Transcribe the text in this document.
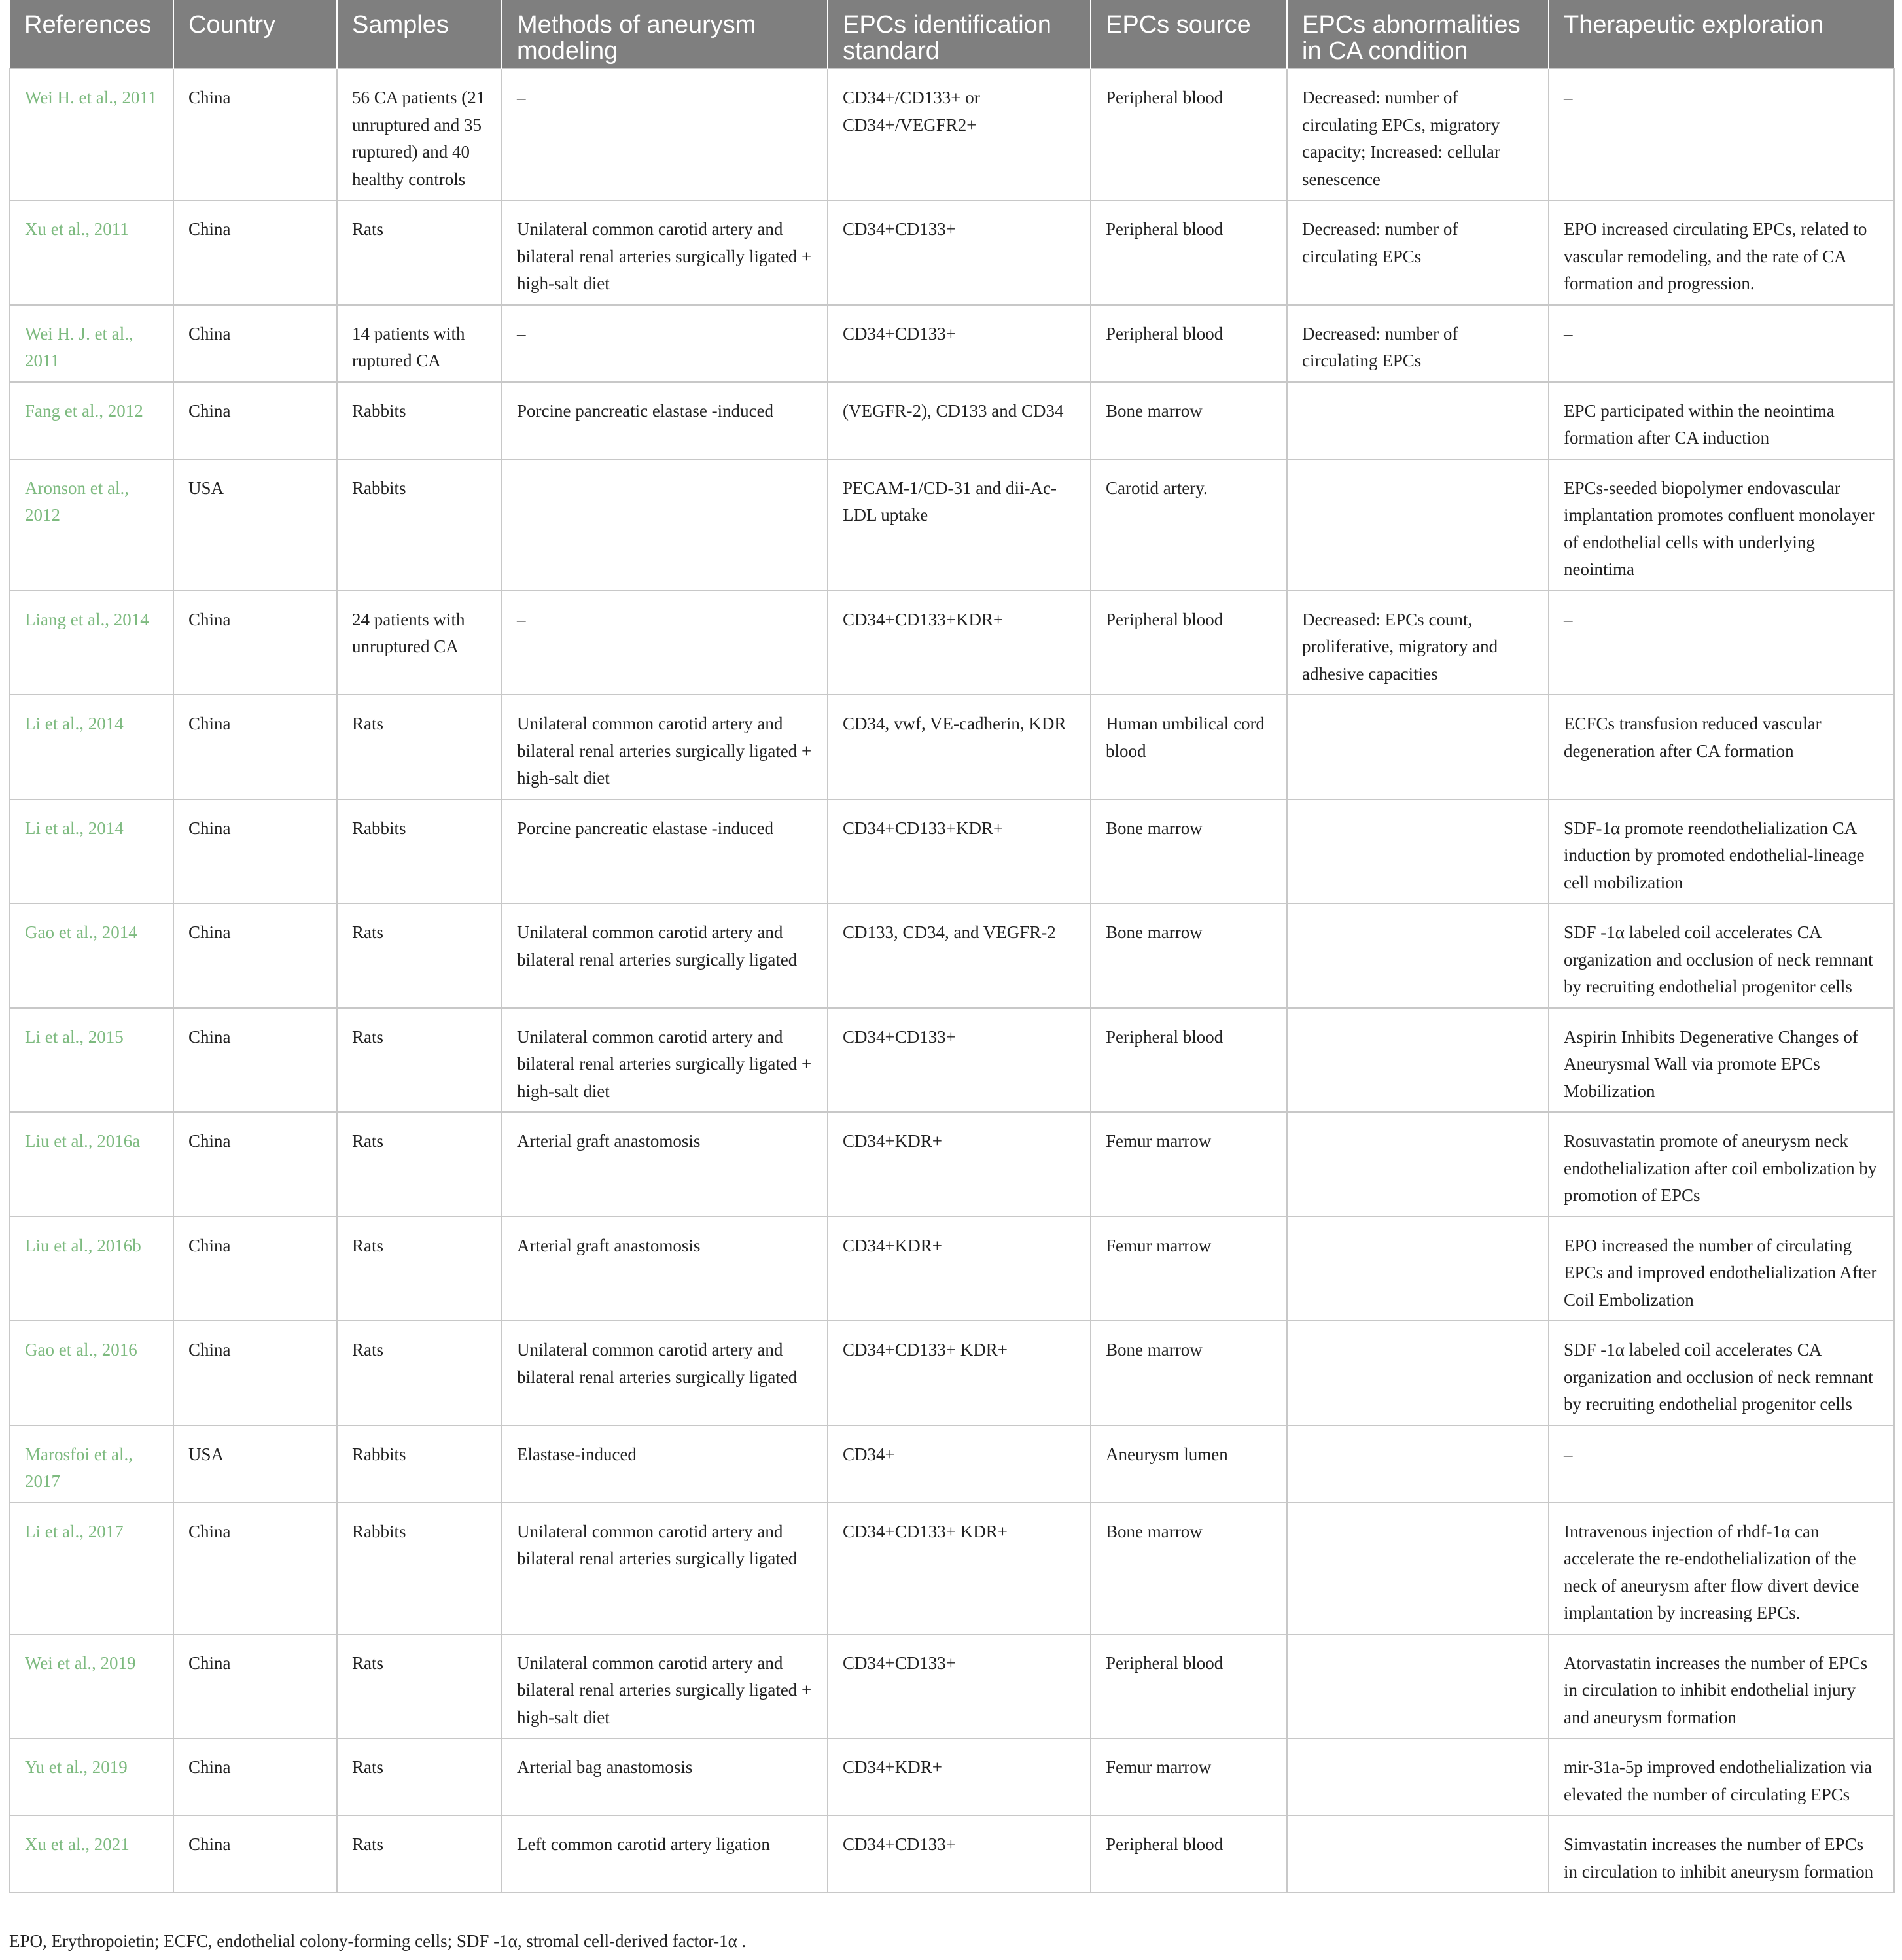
References	Country	Samples	Methods of aneurysm modeling	EPCs identification standard	EPCs source	EPCs abnormalities in CA condition	Therapeutic exploration
Wei H. et al., 2011	China	56 CA patients (21 unruptured and 35 ruptured) and 40 healthy controls	–	CD34+/CD133+ or CD34+/VEGFR2+	Peripheral blood	Decreased: number of circulating EPCs, migratory capacity; Increased: cellular senescence	–
Xu et al., 2011	China	Rats	Unilateral common carotid artery and bilateral renal arteries surgically ligated + high-salt diet	CD34+CD133+	Peripheral blood	Decreased: number of circulating EPCs	EPO increased circulating EPCs, related to vascular remodeling, and the rate of CA formation and progression.
Wei H. J. et al., 2011	China	14 patients with ruptured CA	–	CD34+CD133+	Peripheral blood	Decreased: number of circulating EPCs	–
Fang et al., 2012	China	Rabbits	Porcine pancreatic elastase -induced	(VEGFR-2), CD133 and CD34	Bone marrow		EPC participated within the neointima formation after CA induction
Aronson et al., 2012	USA	Rabbits		PECAM-1/CD-31 and dii-Ac-LDL uptake	Carotid artery.		EPCs-seeded biopolymer endovascular implantation promotes confluent monolayer of endothelial cells with underlying neointima
Liang et al., 2014	China	24 patients with unruptured CA	–	CD34+CD133+KDR+	Peripheral blood	Decreased: EPCs count, proliferative, migratory and adhesive capacities	–
Li et al., 2014	China	Rats	Unilateral common carotid artery and bilateral renal arteries surgically ligated + high-salt diet	CD34, vwf, VE-cadherin, KDR	Human umbilical cord blood		ECFCs transfusion reduced vascular degeneration after CA formation
Li et al., 2014	China	Rabbits	Porcine pancreatic elastase -induced	CD34+CD133+KDR+	Bone marrow		SDF-1α promote reendothelialization CA induction by promoted endothelial-lineage cell mobilization
Gao et al., 2014	China	Rats	Unilateral common carotid artery and bilateral renal arteries surgically ligated	CD133, CD34, and VEGFR-2	Bone marrow		SDF -1α labeled coil accelerates CA organization and occlusion of neck remnant by recruiting endothelial progenitor cells
Li et al., 2015	China	Rats	Unilateral common carotid artery and bilateral renal arteries surgically ligated + high-salt diet	CD34+CD133+	Peripheral blood		Aspirin Inhibits Degenerative Changes of Aneurysmal Wall via promote EPCs Mobilization
Liu et al., 2016a	China	Rats	Arterial graft anastomosis	CD34+KDR+	Femur marrow		Rosuvastatin promote of aneurysm neck endothelialization after coil embolization by promotion of EPCs
Liu et al., 2016b	China	Rats	Arterial graft anastomosis	CD34+KDR+	Femur marrow		EPO increased the number of circulating EPCs and improved endothelialization After Coil Embolization
Gao et al., 2016	China	Rats	Unilateral common carotid artery and bilateral renal arteries surgically ligated	CD34+CD133+ KDR+	Bone marrow		SDF -1α labeled coil accelerates CA organization and occlusion of neck remnant by recruiting endothelial progenitor cells
Marosfoi et al., 2017	USA	Rabbits	Elastase-induced	CD34+	Aneurysm lumen		–
Li et al., 2017	China	Rabbits	Unilateral common carotid artery and bilateral renal arteries surgically ligated	CD34+CD133+ KDR+	Bone marrow		Intravenous injection of rhdf-1α can accelerate the re-endothelialization of the neck of aneurysm after flow divert device implantation by increasing EPCs.
Wei et al., 2019	China	Rats	Unilateral common carotid artery and bilateral renal arteries surgically ligated + high-salt diet	CD34+CD133+	Peripheral blood		Atorvastatin increases the number of EPCs in circulation to inhibit endothelial injury and aneurysm formation
Yu et al., 2019	China	Rats	Arterial bag anastomosis	CD34+KDR+	Femur marrow		mir-31a-5p improved endothelialization via elevated the number of circulating EPCs
Xu et al., 2021	China	Rats	Left common carotid artery ligation	CD34+CD133+	Peripheral blood		Simvastatin increases the number of EPCs in circulation to inhibit aneurysm formation
EPO, Erythropoietin; ECFC, endothelial colony-forming cells; SDF -1α, stromal cell-derived factor-1α .
